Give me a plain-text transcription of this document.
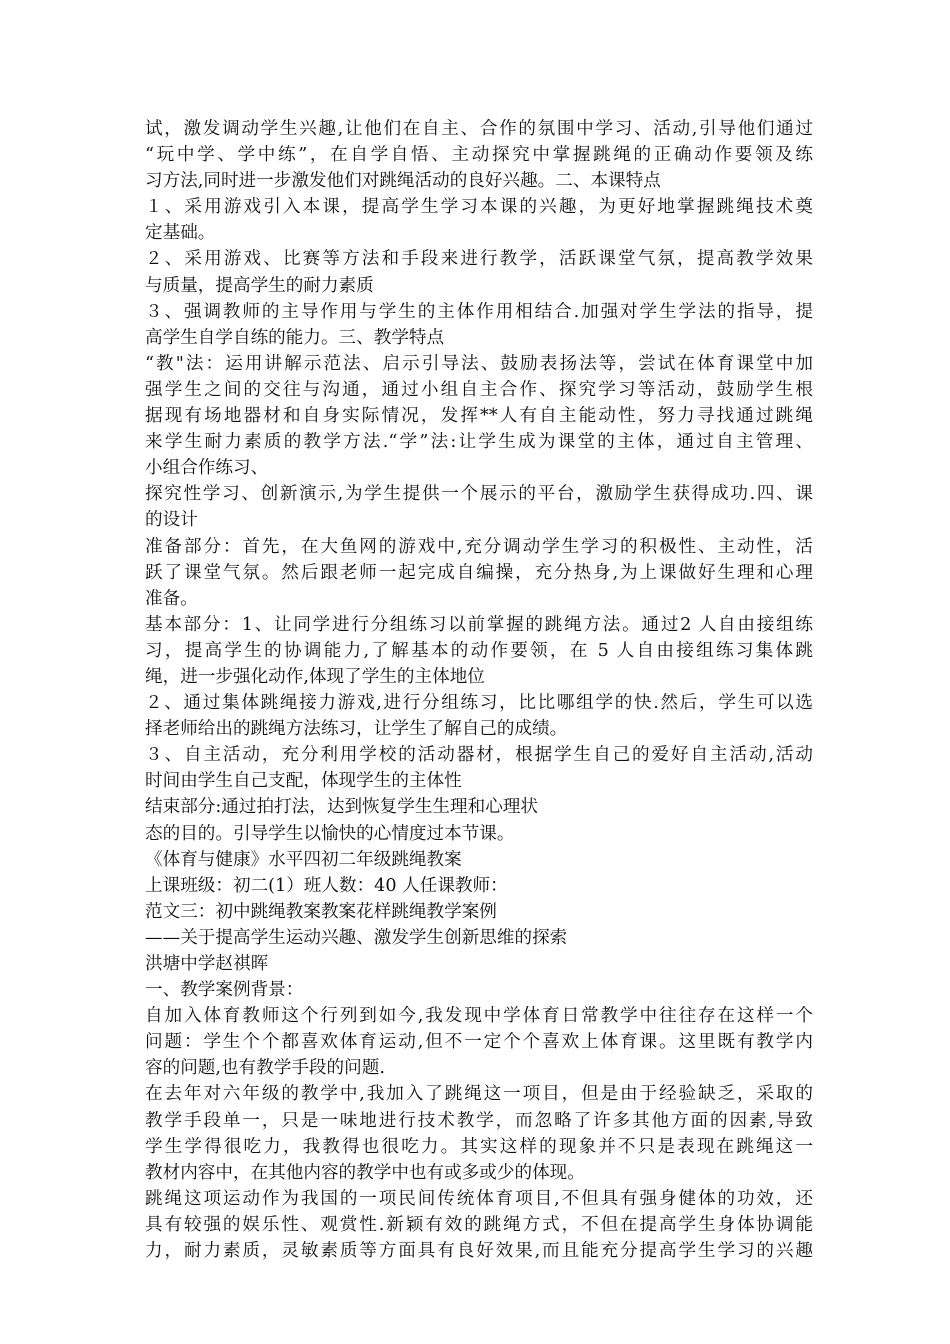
试，激发调动学生兴趣,让他们在自主、合作的氛围中学习、活动,引导他们通过
“玩中学、学中练”，在自学自悟、主动探究中掌握跳绳的正确动作要领及练
习方法,同时进一步激发他们对跳绳活动的良好兴趣。二、本课特点
１、采用游戏引入本课，提高学生学习本课的兴趣，为更好地掌握跳绳技术奠
定基础。
２、采用游戏、比赛等方法和手段来进行教学，活跃课堂气氛，提高教学效果
与质量，提高学生的耐力素质
３、强调教师的主导作用与学生的主体作用相结合.加强对学生学法的指导，提
高学生自学自练的能力。三、教学特点
“教"法：运用讲解示范法、启示引导法、鼓励表扬法等，尝试在体育课堂中加
强学生之间的交往与沟通，通过小组自主合作、探究学习等活动，鼓励学生根
据现有场地器材和自身实际情况，发挥**人有自主能动性，努力寻找通过跳绳
来学生耐力素质的教学方法.“学”法:让学生成为课堂的主体，通过自主管理、
小组合作练习、
探究性学习、创新演示,为学生提供一个展示的平台，激励学生获得成功.四、课
的设计
准备部分：首先，在大鱼网的游戏中,充分调动学生学习的积极性、主动性，活
跃了课堂气氛。然后跟老师一起完成自编操，充分热身,为上课做好生理和心理
准备。
基本部分：1、让同学进行分组练习以前掌握的跳绳方法。通过2 人自由接组练
习，提高学生的协调能力,了解基本的动作要领，在 5 人自由接组练习集体跳
绳，进一步强化动作,体现了学生的主体地位
２、通过集体跳绳接力游戏,进行分组练习，比比哪组学的快.然后，学生可以选
择老师给出的跳绳方法练习，让学生了解自己的成绩。
３、自主活动，充分利用学校的活动器材，根据学生自己的爱好自主活动,活动
时间由学生自己支配，体现学生的主体性
结束部分:通过拍打法，达到恢复学生生理和心理状
态的目的。引导学生以愉快的心情度过本节课。
《体育与健康》水平四初二年级跳绳教案
上课班级：初二(1）班人数：40 人任课教师：
范文三：初中跳绳教案教案花样跳绳教学案例
——关于提高学生运动兴趣、激发学生创新思维的探索
洪塘中学赵祺晖
一、教学案例背景：
自加入体育教师这个行列到如今,我发现中学体育日常教学中往往存在这样一个
问题：学生个个都喜欢体育运动,但不一定个个喜欢上体育课。这里既有教学内
容的问题,也有教学手段的问题.
在去年对六年级的教学中,我加入了跳绳这一项目，但是由于经验缺乏，采取的
教学手段单一，只是一味地进行技术教学，而忽略了许多其他方面的因素,导致
学生学得很吃力，我教得也很吃力。其实这样的现象并不只是表现在跳绳这一
教材内容中，在其他内容的教学中也有或多或少的体现。
跳绳这项运动作为我国的一项民间传统体育项目,不但具有强身健体的功效，还
具有较强的娱乐性、观赏性.新颖有效的跳绳方式，不但在提高学生身体协调能
力，耐力素质，灵敏素质等方面具有良好效果,而且能充分提高学生学习的兴趣
